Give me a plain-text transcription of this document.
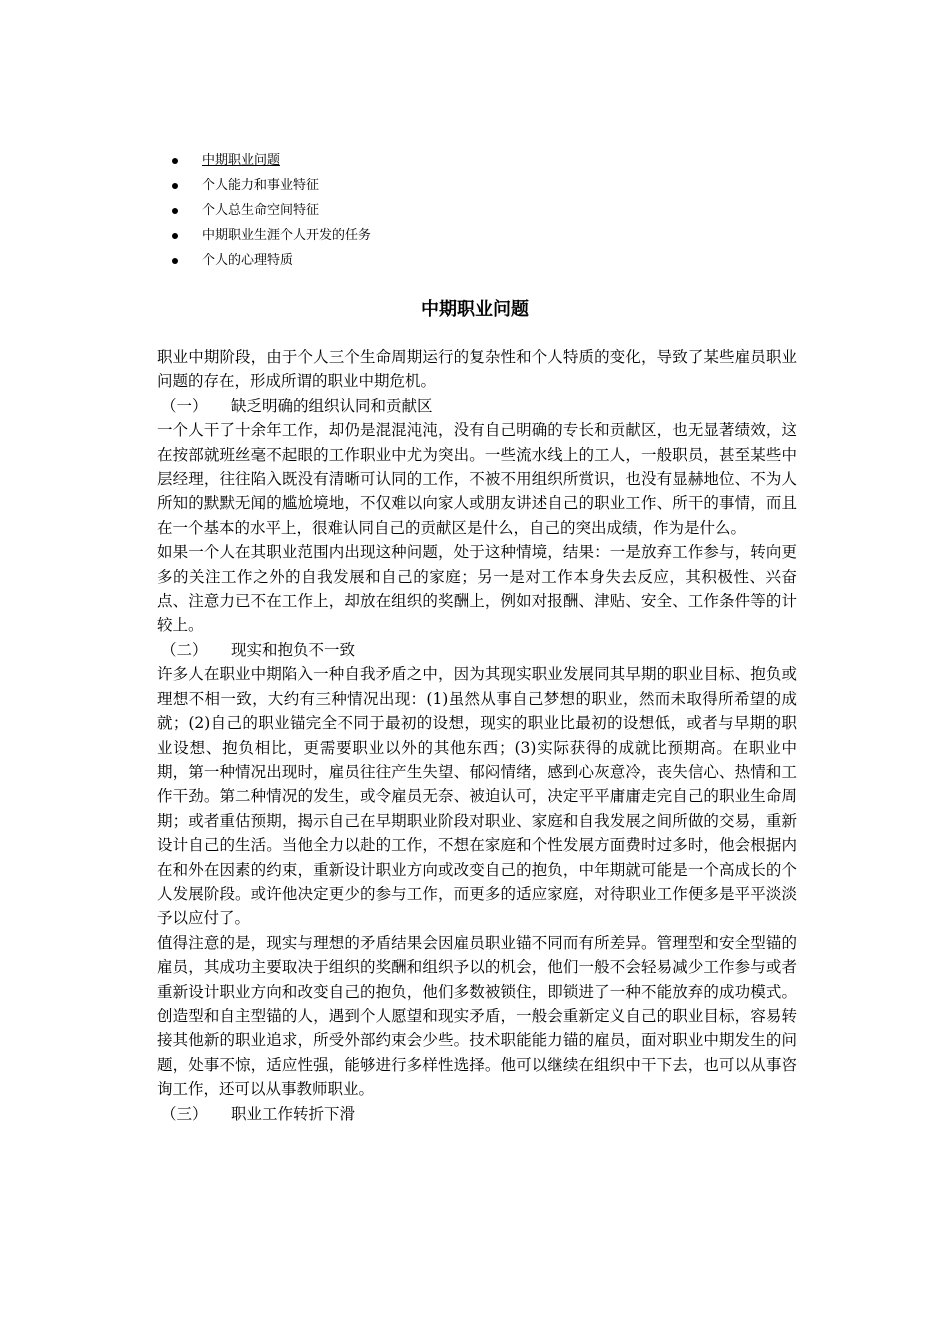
中期职业问题
个人能力和事业特征
个人总生命空间特征
中期职业生涯个人开发的任务
个人的心理特质
中期职业问题

职业中期阶段，由于个人三个生命周期运行的复杂性和个人特质的变化，导致了某些雇员职业问题的存在，形成所谓的职业中期危机。

（一） 缺乏明确的组织认同和贡献区

一个人干了十余年工作，却仍是混混沌沌，没有自己明确的专长和贡献区，也无显著绩效，这在按部就班丝毫不起眼的工作职业中尤为突出。一些流水线上的工人，一般职员，甚至某些中层经理，往往陷入既没有清晰可认同的工作，不被不用组织所赏识，也没有显赫地位、不为人所知的默默无闻的尴尬境地，不仅难以向家人或朋友讲述自己的职业工作、所干的事情，而且在一个基本的水平上，很难认同自己的贡献区是什么，自己的突出成绩，作为是什么。

如果一个人在其职业范围内出现这种问题，处于这种情境，结果：一是放弃工作参与，转向更多的关注工作之外的自我发展和自己的家庭；另一是对工作本身失去反应，其积极性、兴奋点、注意力已不在工作上，却放在组织的奖酬上，例如对报酬、津贴、安全、工作条件等的计较上。

（二） 现实和抱负不一致

许多人在职业中期陷入一种自我矛盾之中，因为其现实职业发展同其早期的职业目标、抱负或理想不相一致，大约有三种情况出现：(1)虽然从事自己梦想的职业，然而未取得所希望的成就；(2)自己的职业锚完全不同于最初的设想，现实的职业比最初的设想低，或者与早期的职业设想、抱负相比，更需要职业以外的其他东西；(3)实际获得的成就比预期高。在职业中期，第一种情况出现时，雇员往往产生失望、郁闷情绪，感到心灰意冷，丧失信心、热情和工作干劲。第二种情况的发生，或令雇员无奈、被迫认可，决定平平庸庸走完自己的职业生命周期；或者重估预期，揭示自己在早期职业阶段对职业、家庭和自我发展之间所做的交易，重新设计自己的生活。当他全力以赴的工作，不想在家庭和个性发展方面费时过多时，他会根据内在和外在因素的约束，重新设计职业方向或改变自己的抱负，中年期就可能是一个高成长的个人发展阶段。或许他决定更少的参与工作，而更多的适应家庭，对待职业工作便多是平平淡淡予以应付了。

值得注意的是，现实与理想的矛盾结果会因雇员职业锚不同而有所差异。管理型和安全型锚的雇员，其成功主要取决于组织的奖酬和组织予以的机会，他们一般不会轻易减少工作参与或者重新设计职业方向和改变自己的抱负，他们多数被锁住，即锁进了一种不能放弃的成功模式。创造型和自主型锚的人，遇到个人愿望和现实矛盾，一般会重新定义自己的职业目标，容易转接其他新的职业追求，所受外部约束会少些。技术职能能力锚的雇员，面对职业中期发生的问题，处事不惊，适应性强，能够进行多样性选择。他可以继续在组织中干下去，也可以从事咨询工作，还可以从事教师职业。

（三） 职业工作转折下滑
